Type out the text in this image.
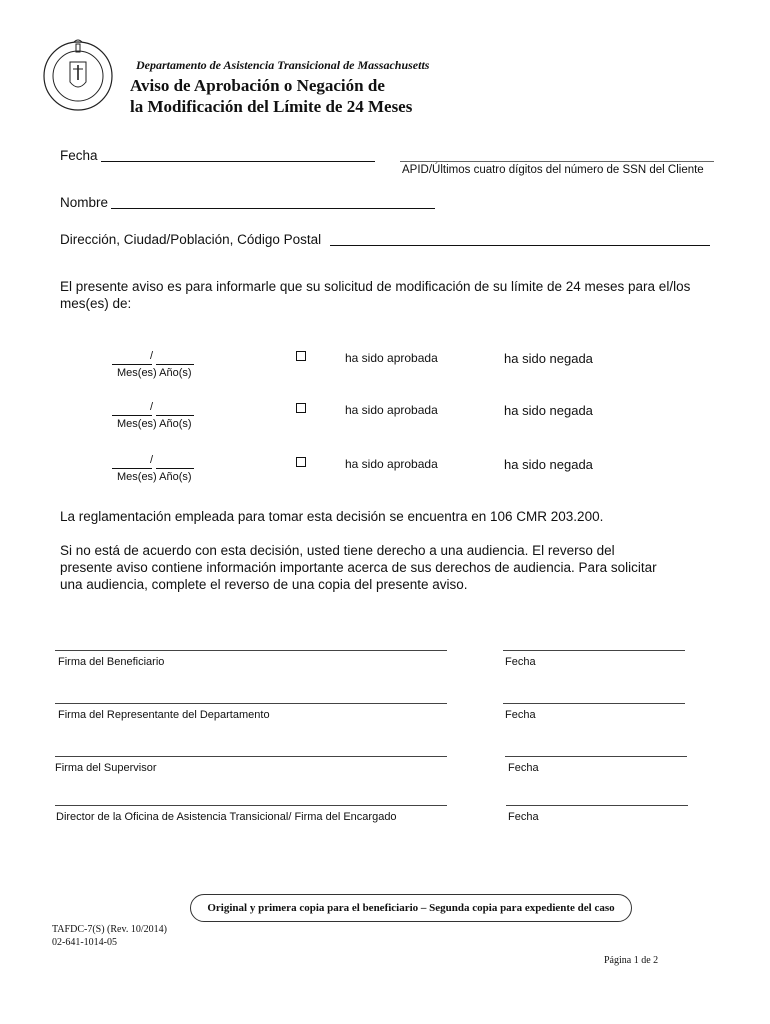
Departamento de Asistencia Transicional de Massachusetts
Aviso de Aprobación o Negación de
la Modificación del Límite de 24 Meses
Fecha
APID/Últimos cuatro dígitos del número de SSN del Cliente
Nombre
Dirección, Ciudad/Población, Código Postal
El presente aviso es para informarle que su solicitud de modificación de su límite de 24 meses para el/los mes(es) de:
/
Mes(es) Año(s)
ha sido aprobada	ha sido negada
/
Mes(es) Año(s)
ha sido aprobada	ha sido negada
/
Mes(es) Año(s)
ha sido aprobada	ha sido negada
La reglamentación empleada para tomar esta decisión se encuentra en 106 CMR 203.200.
Si no está de acuerdo con esta decisión, usted tiene derecho a una audiencia. El reverso del presente aviso contiene información importante acerca de sus derechos de audiencia. Para solicitar una audiencia, complete el reverso de una copia del presente aviso.
Firma del Beneficiario	Fecha
Firma del Representante del Departamento	Fecha
Firma del Supervisor	Fecha
Director de la Oficina de Asistencia Transicional/ Firma del Encargado	Fecha
Original y primera copia para el beneficiario – Segunda copia para expediente del caso
TAFDC-7(S) (Rev. 10/2014)
02-641-1014-05
Página 1 de 2
